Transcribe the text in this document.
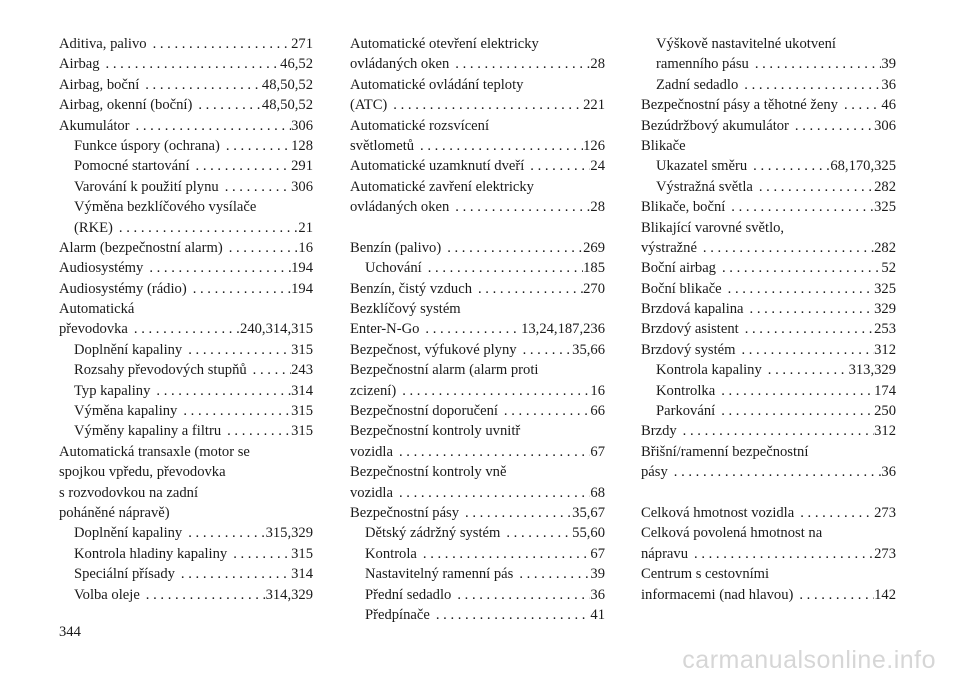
Aditiva, palivo . . .	271
Airbag . . .	46,52
Airbag, boční . . .	48,50,52
Airbag, okenní (boční) . . .	48,50,52
Akumulátor . . .	306
Funkce úspory (ochrana) . . .	128
Pomocné startování . . .	291
Varování k použití plynu . . .	306
Výměna bezklíčového vysílače
(RKE) . . .	21
Alarm (bezpečnostní alarm) . . .	16
Audiosystémy . . .	194
Audiosystémy (rádio) . . .	194
Automatická
převodovka . . .	240,314,315
Doplnění kapaliny . . .	315
Rozsahy převodových stupňů . . .	243
Typ kapaliny . . .	314
Výměna kapaliny . . .	315
Výměny kapaliny a filtru . . .	315
Automatická transaxle (motor se
spojkou vpředu, převodovka
s rozvodovkou na zadní
poháněné nápravě)
Doplnění kapaliny . . .	315,329
Kontrola hladiny kapaliny . . .	315
Speciální přísady . . .	314
Volba oleje . . .	314,329
Automatické otevření elektricky
ovládaných oken . . .	28
Automatické ovládání teploty
(ATC) . . .	221
Automatické rozsvícení
světlometů . . .	126
Automatické uzamknutí dveří . . .	24
Automatické zavření elektricky
ovládaných oken . . .	28
Benzín (palivo) . . .	269
Uchování . . .	185
Benzín, čistý vzduch . . .	270
Bezklíčový systém
Enter-N-Go . . .	13,24,187,236
Bezpečnost, výfukové plyny . . .	35,66
Bezpečnostní alarm (alarm proti
zcizení) . . .	16
Bezpečnostní doporučení . . .	66
Bezpečnostní kontroly uvnitř
vozidla . . .	67
Bezpečnostní kontroly vně
vozidla . . .	68
Bezpečnostní pásy . . .	35,67
Dětský zádržný systém . . .	55,60
Kontrola . . .	67
Nastavitelný ramenní pás . . .	39
Přední sedadlo . . .	36
Předpínače . . .	41
Výškově nastavitelné ukotvení
ramenního pásu . . .	39
Zadní sedadlo . . .	36
Bezpečnostní pásy a těhotné ženy . . .	46
Bezúdržbový akumulátor . . .	306
Blikače
Ukazatel směru . . .	68,170,325
Výstražná světla . . .	282
Blikače, boční . . .	325
Blikající varovné světlo,
výstražné . . .	282
Boční airbag . . .	52
Boční blikače . . .	325
Brzdová kapalina . . .	329
Brzdový asistent . . .	253
Brzdový systém . . .	312
Kontrola kapaliny . . .	313,329
Kontrolka . . .	174
Parkování . . .	250
Brzdy . . .	312
Břišní/ramenní bezpečnostní
pásy . . .	36
Celková hmotnost vozidla . . .	273
Celková povolená hmotnost na
nápravu . . .	273
Centrum s cestovními
informacemi (nad hlavou) . . .	142
344
carmanualsonline.info
